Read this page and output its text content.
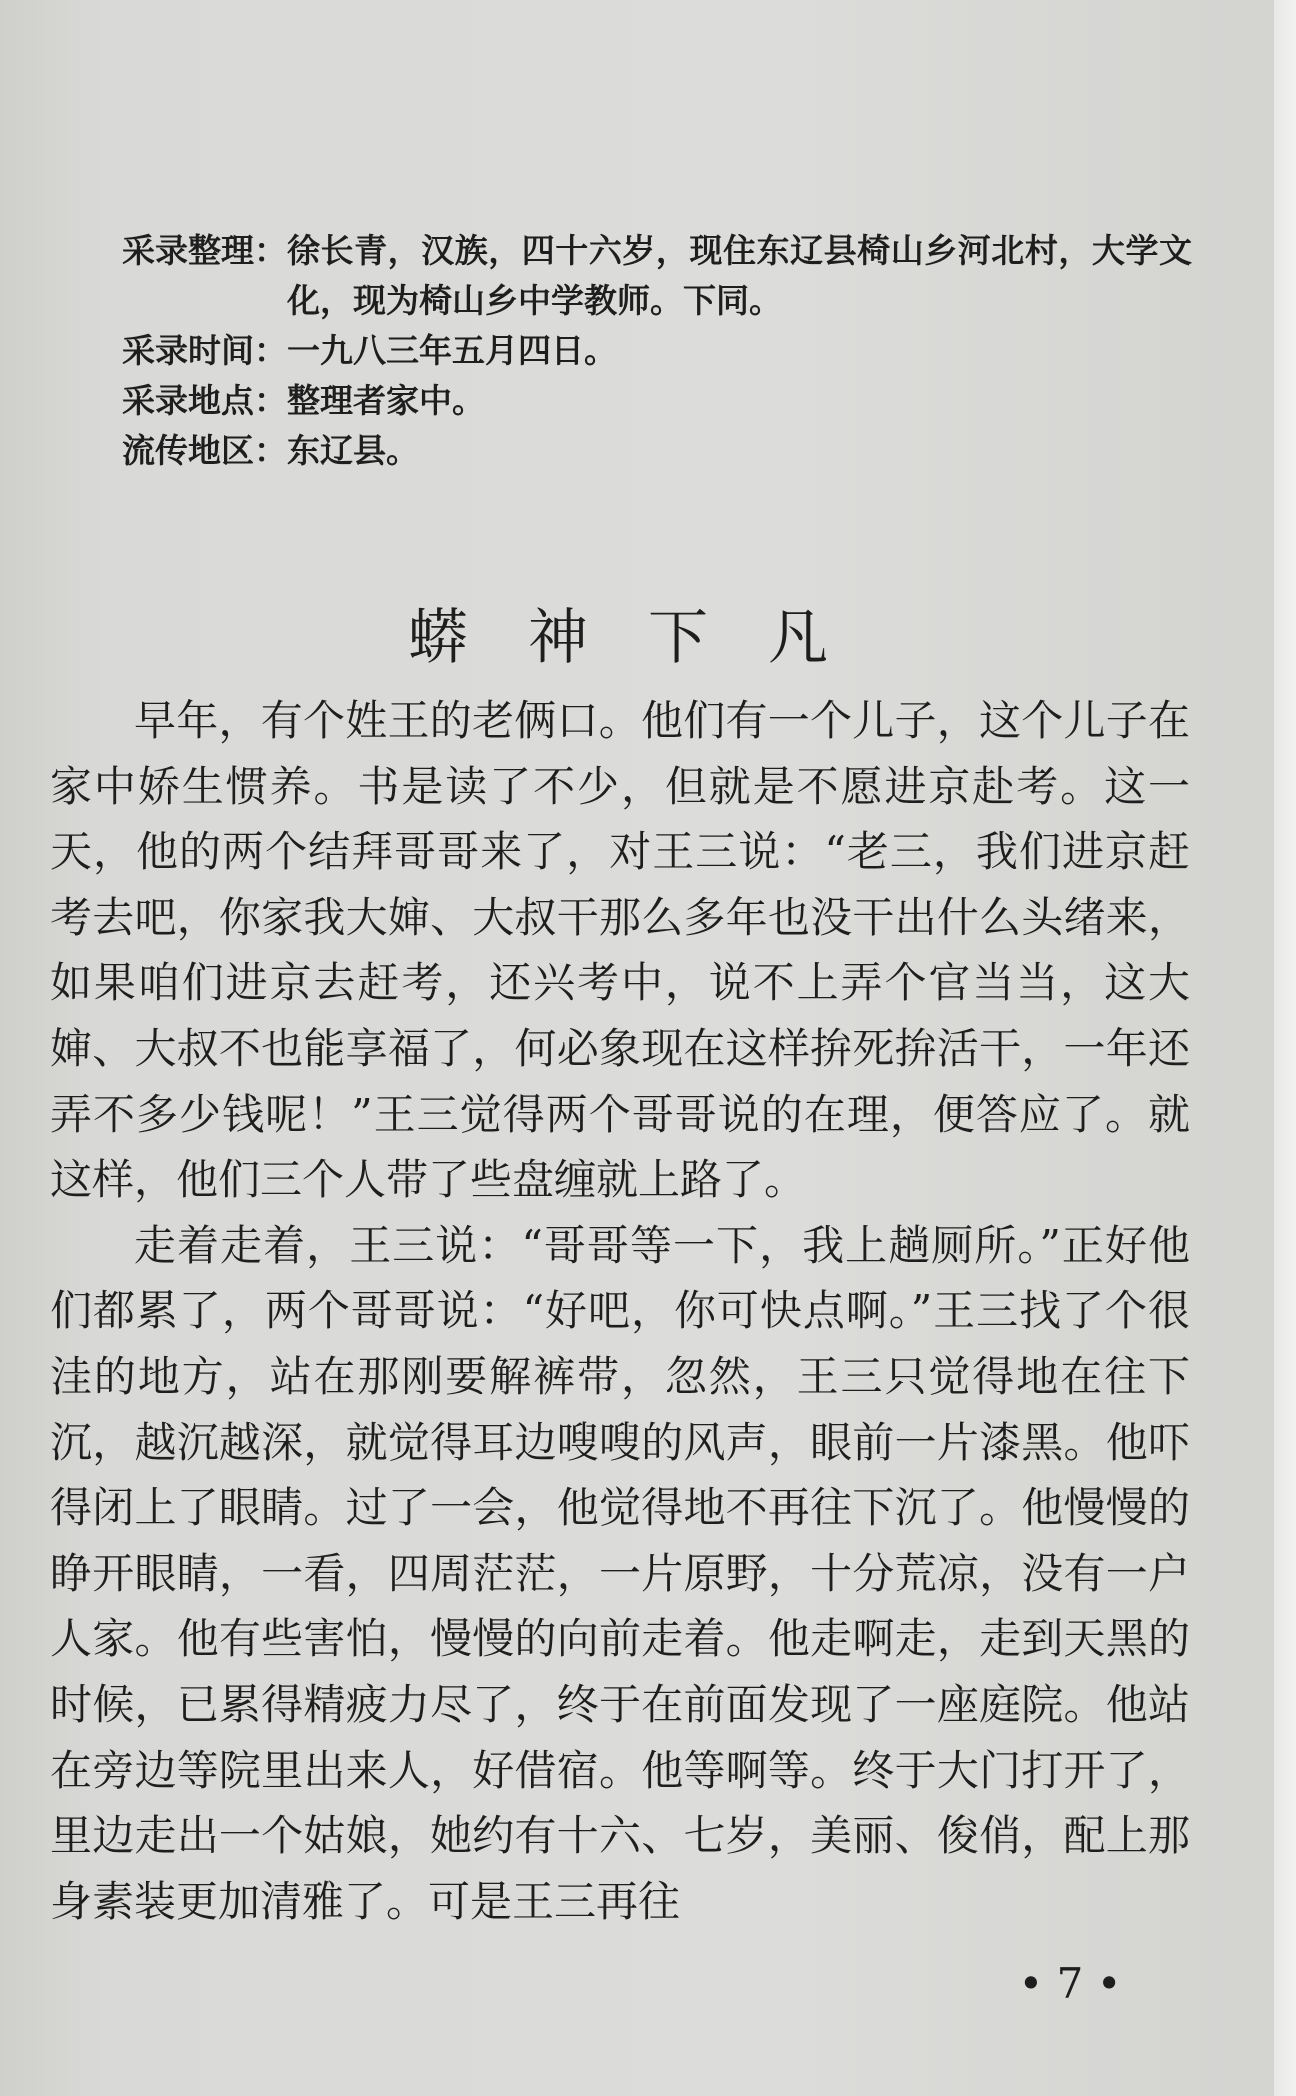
采录整理： 徐长青，汉族，四十六岁，现住东辽县椅山乡河北村，大学文化，现为椅山乡中学教师。下同。
采录时间： 一九八三年五月四日。
采录地点： 整理者家中。
流传地区： 东辽县。
蟒神下凡

早年，有个姓王的老俩口。他们有一个儿子，这个儿子在家中娇生惯养。书是读了不少，但就是不愿进京赴考。这一天，他的两个结拜哥哥来了，对王三说：“老三，我们进京赶考去吧，你家我大婶、大叔干那么多年也没干出什么头绪来，如果咱们进京去赶考，还兴考中，说不上弄个官当当，这大婶、大叔不也能享福了，何必象现在这样拚死拚活干，一年还弄不多少钱呢！”王三觉得两个哥哥说的在理，便答应了。就这样，他们三个人带了些盘缠就上路了。

走着走着，王三说：“哥哥等一下，我上趟厕所。”正好他们都累了，两个哥哥说：“好吧，你可快点啊。”王三找了个很洼的地方，站在那刚要解裤带，忽然，王三只觉得地在往下沉，越沉越深，就觉得耳边嗖嗖的风声，眼前一片漆黑。他吓得闭上了眼睛。过了一会，他觉得地不再往下沉了。他慢慢的睁开眼睛，一看，四周茫茫，一片原野，十分荒凉，没有一户人家。他有些害怕，慢慢的向前走着。他走啊走，走到天黑的时候，已累得精疲力尽了，终于在前面发现了一座庭院。他站在旁边等院里出来人，好借宿。他等啊等。终于大门打开了，里边走出一个姑娘，她约有十六、七岁，美丽、俊俏，配上那身素装更加清雅了。可是王三再往

• 7 •
